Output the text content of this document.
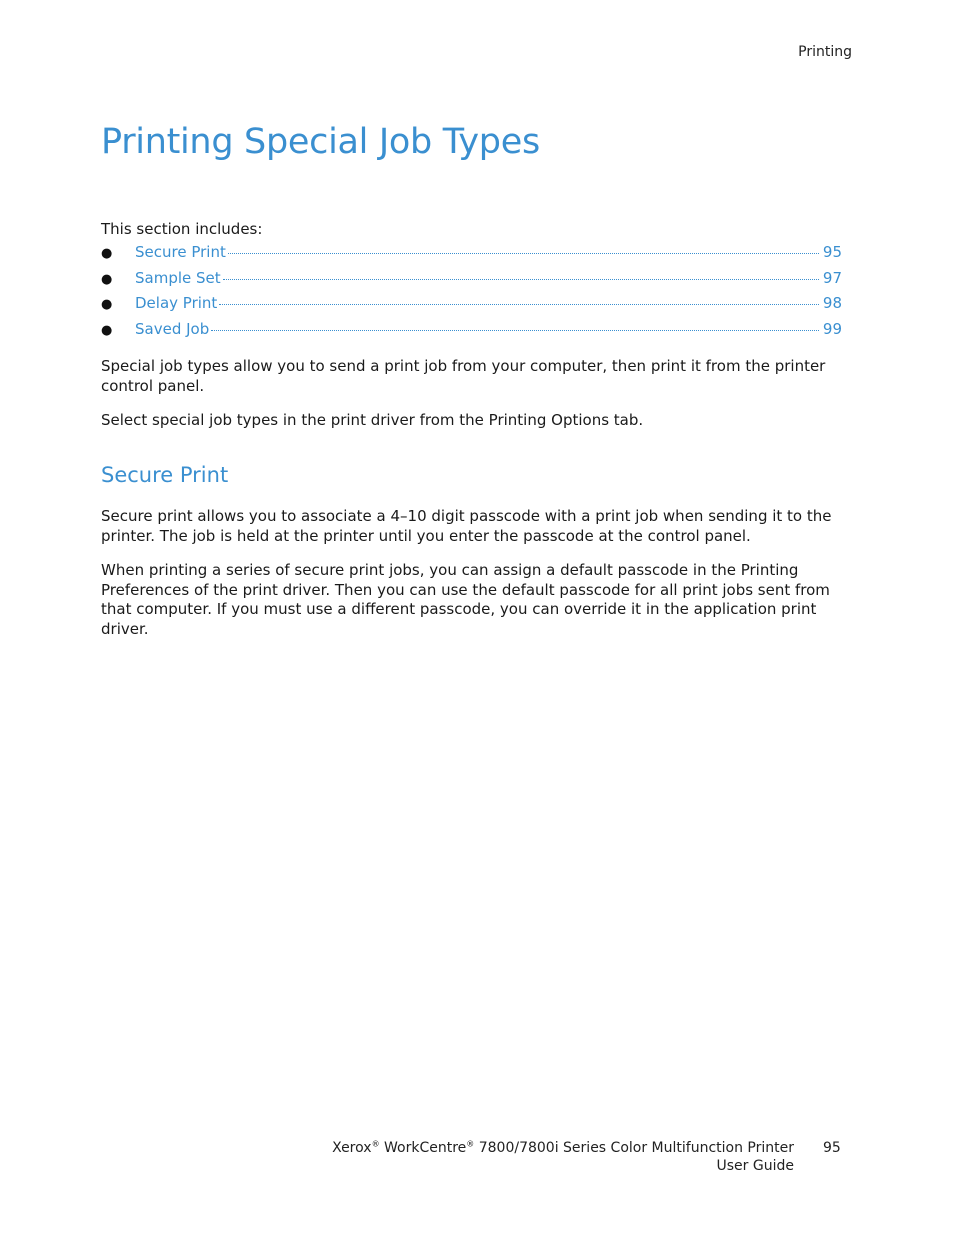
Printing
Printing Special Job Types
This section includes:
●	Secure Print	95
●	Sample Set	97
●	Delay Print	98
●	Saved Job	99

Special job types allow you to send a print job from your computer, then print it from the printer control panel.

Select special job types in the print driver from the Printing Options tab.

Secure Print

Secure print allows you to associate a 4–10 digit passcode with a print job when sending it to the printer. The job is held at the printer until you enter the passcode at the control panel.

When printing a series of secure print jobs, you can assign a default passcode in the Printing Preferences of the print driver. Then you can use the default passcode for all print jobs sent from that computer. If you must use a different passcode, you can override it in the application print driver.

Xerox® WorkCentre® 7800/7800i Series Color Multifunction Printer
User Guide
95
